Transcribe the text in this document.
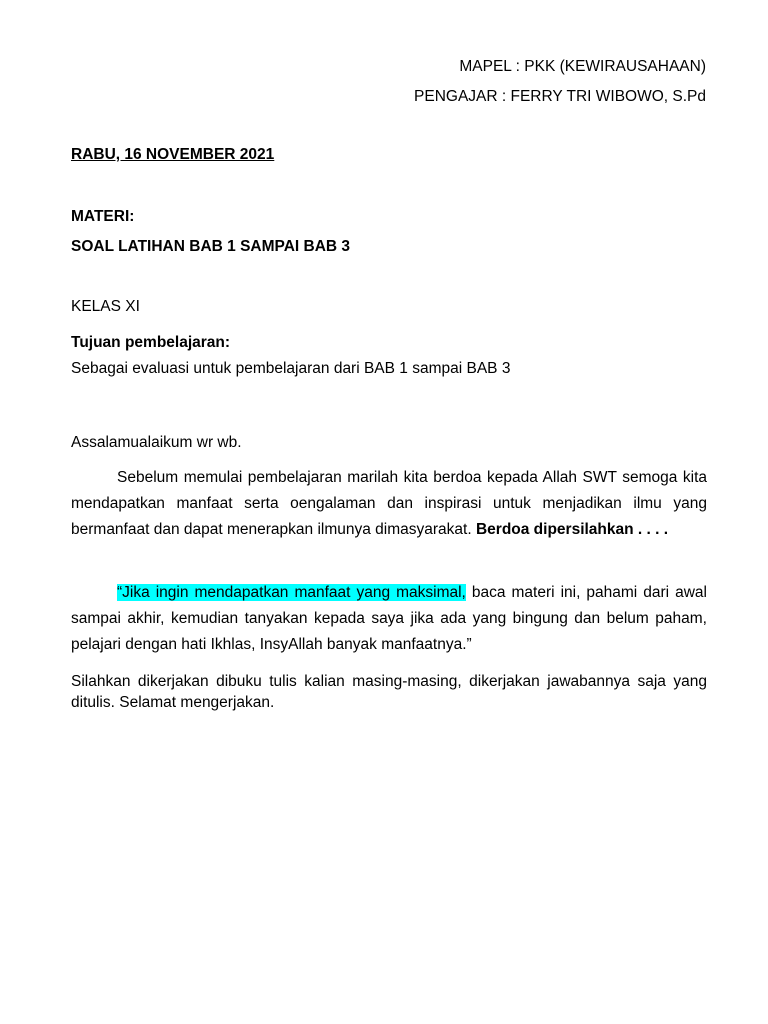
MAPEL : PKK (KEWIRAUSAHAAN)

PENGAJAR : FERRY TRI WIBOWO, S.Pd

RABU, 16 NOVEMBER 2021

MATERI:

SOAL LATIHAN BAB 1 SAMPAI BAB 3

KELAS XI

Tujuan pembelajaran:

Sebagai evaluasi untuk pembelajaran dari BAB 1 sampai BAB 3

Assalamualaikum wr wb.

Sebelum memulai pembelajaran marilah kita berdoa kepada Allah SWT semoga kita mendapatkan manfaat serta oengalaman dan inspirasi untuk menjadikan ilmu yang bermanfaat dan dapat menerapkan ilmunya dimasyarakat. Berdoa dipersilahkan . . . .

“Jika ingin mendapatkan manfaat yang maksimal, baca materi ini, pahami dari awal sampai akhir, kemudian tanyakan kepada saya jika ada yang bingung dan belum paham, pelajari dengan hati Ikhlas, InsyAllah banyak manfaatnya.”

Silahkan dikerjakan dibuku tulis kalian masing-masing, dikerjakan jawabannya saja yang ditulis. Selamat mengerjakan.
